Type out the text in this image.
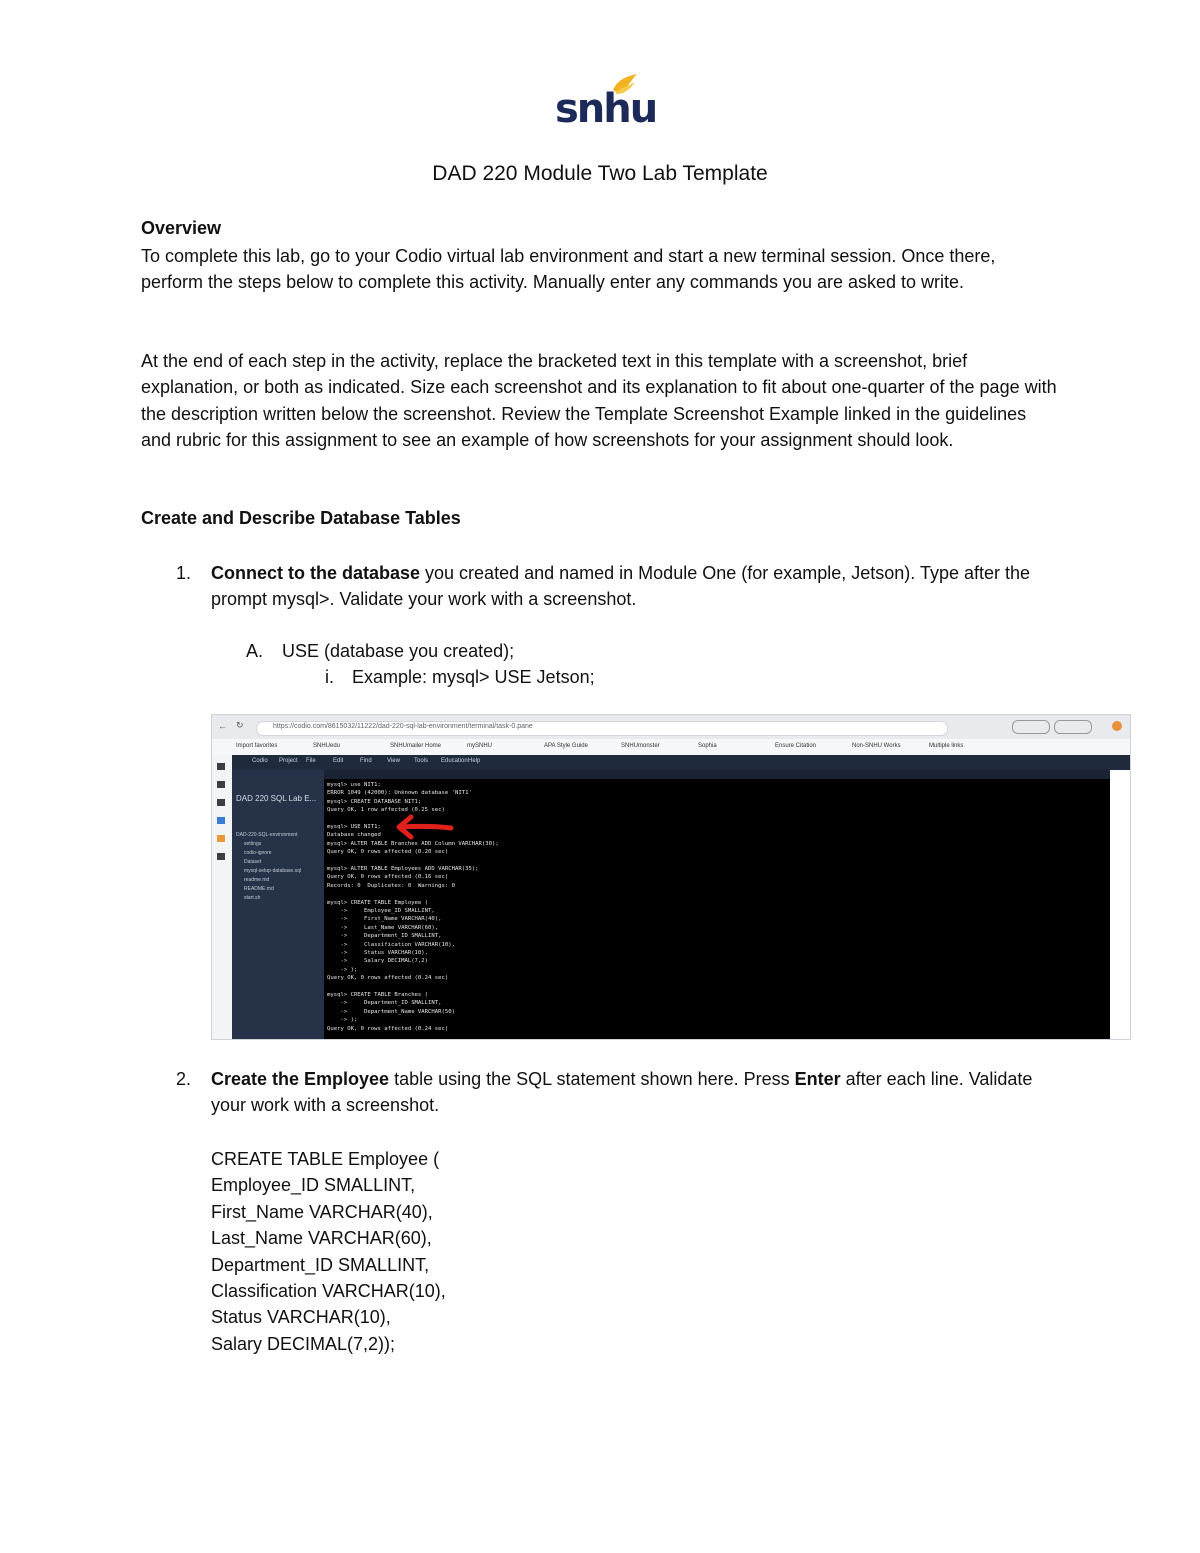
snhu
DAD 220 Module Two Lab Template
Overview

To complete this lab, go to your Codio virtual lab environment and start a new terminal session. Once there, perform the steps below to complete this activity. Manually enter any commands you are asked to write.

At the end of each step in the activity, replace the bracketed text in this template with a screenshot, brief explanation, or both as indicated. Size each screenshot and its explanation to fit about one-quarter of the page with the description written below the screenshot. Review the Template Screenshot Example linked in the guidelines and rubric for this assignment to see an example of how screenshots for your assignment should look.

Create and Describe Database Tables
1. Connect to the database you created and named in Module One (for example, Jetson). Type after the prompt mysql>. Validate your work with a screenshot.
A. USE (database you created);
i. Example: mysql> USE Jetson;
← ↻	https://codio.com/8615032/11222/dad-220-sql-lab-environment/terminal/task-0.pane
Import favorites	SNHUedu	SNHUmailer Home	mySNHU	APA Style Guide	SNHUmonster	Sophia	Ensure Citation	Non-SNHU Works	Multiple links
Codio Project File	Edit	Find	View Tools Education Help
DAD 220 SQL Lab E...
DAD-220-SQL-environment
settings
codio-ignore
Dataset
mysql-setup-database.sql
readme.md
README.md
start.sh
mysql> use NIT1;
ERROR 1049 (42000): Unknown database 'NIT1'
mysql> CREATE DATABASE NIT1;
Query OK, 1 row affected (0.25 sec)
mysql> USE NIT1;
Database changed
mysql> ALTER TABLE Branches ADD Column VARCHAR(30);
Query OK, 0 rows affected (0.20 sec)
mysql> ALTER TABLE Employees ADD VARCHAR(35);
Query OK, 0 rows affected (0.16 sec)
Records: 0  Duplicates: 0  Warnings: 0
mysql> CREATE TABLE Employee (
->     Employee_ID SMALLINT,
->     First_Name VARCHAR(40),
->     Last_Name VARCHAR(60),
->     Department_ID SMALLINT,
->     Classification VARCHAR(10),
->     Status VARCHAR(10),
->     Salary DECIMAL(7,2)
-> );
Query OK, 0 rows affected (0.24 sec)
mysql> CREATE TABLE Branches (
->     Department_ID SMALLINT,
->     Department_Name VARCHAR(50)
-> );
Query OK, 0 rows affected (0.24 sec)
2. Create the Employee table using the SQL statement shown here. Press Enter after each line. Validate your work with a screenshot.
CREATE TABLE Employee (
Employee_ID SMALLINT,
First_Name VARCHAR(40),
Last_Name VARCHAR(60),
Department_ID SMALLINT,
Classification VARCHAR(10),
Status VARCHAR(10),
Salary DECIMAL(7,2));
